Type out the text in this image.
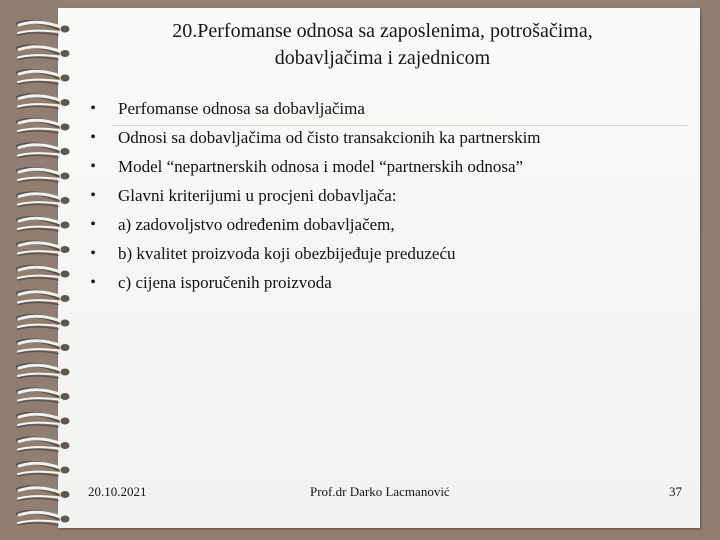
20.Perfomanse odnosa sa zaposlenima, potrošačima,
dobavljačima i zajednicom
• Perfomanse odnosa sa dobavljačima
• Odnosi sa dobavljačima od čisto transakcionih ka partnerskim
• Model “nepartnerskih odnosa i model “partnerskih odnosa”
• Glavni kriterijumi u procjeni dobavljača:
• a) zadovoljstvo određenim dobavljačem,
• b) kvalitet proizvoda koji obezbijeđuje preduzeću
• c) cijena isporučenih proizvoda
20.10.2021	Prof.dr Darko Lacmanović	37
